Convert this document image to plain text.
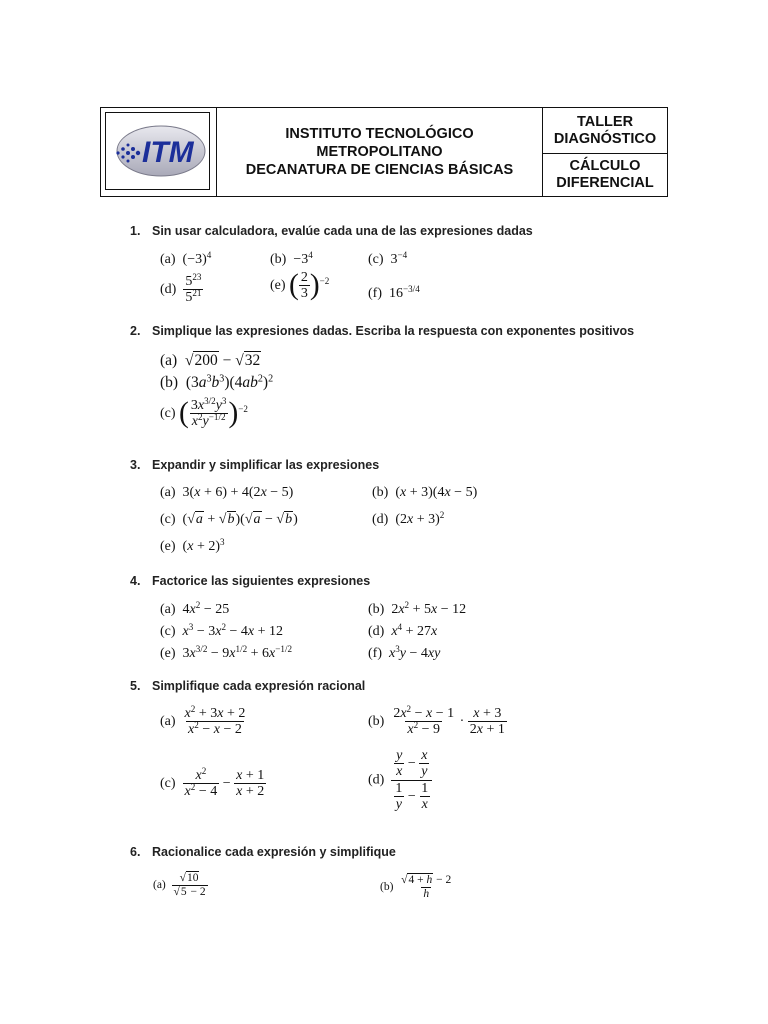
ITM
INSTITUTO TECNOLÓGICO
METROPOLITANO
DECANATURA DE CIENCIAS BÁSICAS
TALLER
DIAGNÓSTICO
CÁLCULO
DIFERENCIAL
1. Sin usar calculadora, evalúe cada una de las expresiones dadas
(a)  $(-3)^4$	$(b) -3^4$	(c)  $3^{-4}$
$(d) \frac{5^{23}}{5^{21}}$	(e) ( $\frac{2}{3} )^{-2}$
(f)  $16^{-3/4}$
2. Simplique las expresiones dadas. Escriba la respuesta con exponentes positivos
(a)  √200 − √32
(b)  $(3a^3b^3)(4ab^2)^2$
(c) ( $\frac{3x^{3/2}y^3}{x^2y^{-1/2}} )^{-2}$
3. Expandir y simplificar las expresiones
(a)  3(x + 6) + 4(2x − 5)	(b)  (x + 3)(4x − 5)
(c)  (√a + √b)(√a − √b)	(d)  $(2x + 3)^2$
(e)  $(x + 2)^3$
4. Factorice las siguientes expresiones
(a)  $4x^2 - 25$	(b)  $2x^2 + 5x - 12$
(c) $x^3 - 3x^2 - 4x + 12$	(d) $x^4 + 27x$
(e)  $3x^{3/2} - 9x^{1/2} + 6x^{-1/2}$	(f) $x^3y - 4xy$
5. Simplifique cada expresión racional
$(a) \frac{x^2 + 3x + 2}{x^2 - x - 2}$	$(b) \frac{2x^2 - x - 1}{x^2 - 9} \cdot \frac{x + 3}{2x + 1}$
$(c) \frac{x^2}{x^2 - 4} - \frac{x + 1}{x + 2}$	$(d) \frac{\frac{y}{x} - \frac{x}{y}}{\frac{1}{y} - \frac{1}{x}}$
6. Racionalice cada expresión y simplifique
$(a) \frac{√10}{√5 - 2}$	$(b) \frac{√4 + h - 2}{h}$
